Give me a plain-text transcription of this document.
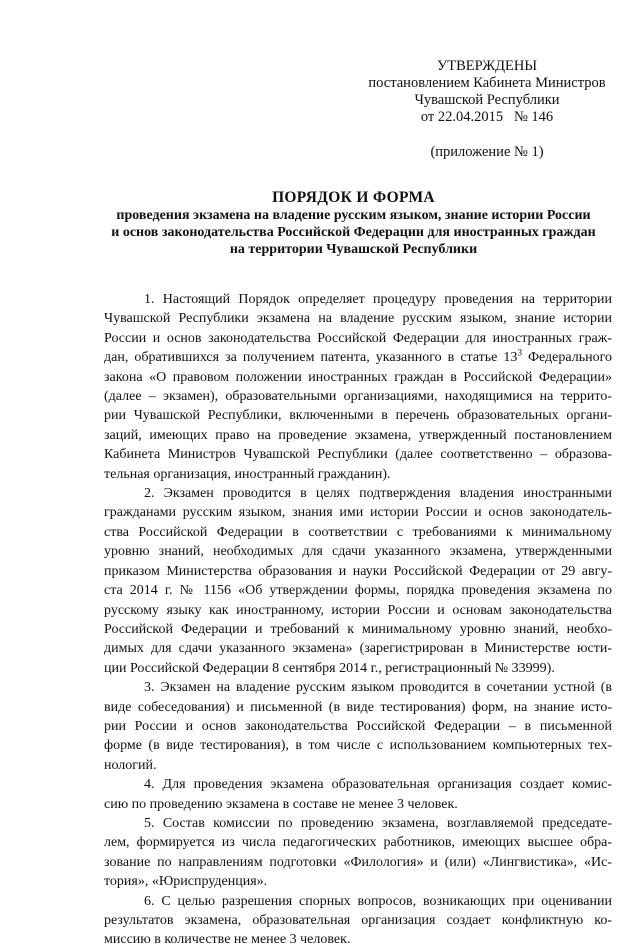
УТВЕРЖДЕНЫ
постановлением Кабинета Министров
Чувашской Республики
от 22.04.2015   № 146
(приложение № 1)
ПОРЯДОК И ФОРМА
проведения экзамена на владение русским языком, знание истории России
и основ законодательства Российской Федерации для иностранных граждан
на территории Чувашской Республики

1. Настоящий Порядок определяет процедуру проведения на территории
Чувашской Республики экзамена на владение русским языком, знание истории
России и основ законодательства Российской Федерации для иностранных граж-
дан, обратившихся за получением патента, указанного в статье $13^3$ Федерального
закона «О правовом положении иностранных граждан в Российской Федерации»
(далее – экзамен), образовательными организациями, находящимися на террито-
рии Чувашской Республики, включенными в перечень образовательных органи-
заций, имеющих право на проведение экзамена, утвержденный постановлением
Кабинета Министров Чувашской Республики (далее соответственно – образова-
тельная организация, иностранный гражданин).

2. Экзамен проводится в целях подтверждения владения иностранными
гражданами русским языком, знания ими истории России и основ законодатель-
ства Российской Федерации в соответствии с требованиями к минимальному
уровню знаний, необходимых для сдачи указанного экзамена, утвержденными
приказом Министерства образования и науки Российской Федерации от 29 авгу-
ста 2014 г. № 1156 «Об утверждении формы, порядка проведения экзамена по
русскому языку как иностранному, истории России и основам законодательства
Российской Федерации и требований к минимальному уровню знаний, необхо-
димых для сдачи указанного экзамена» (зарегистрирован в Министерстве юсти-
ции Российской Федерации 8 сентября 2014 г., регистрационный № 33999).

3. Экзамен на владение русским языком проводится в сочетании устной (в
виде собеседования) и письменной (в виде тестирования) форм, на знание исто-
рии России и основ законодательства Российской Федерации – в письменной
форме (в виде тестирования), в том числе с использованием компьютерных тех-
нологий.

4. Для проведения экзамена образовательная организация создает комис-
сию по проведению экзамена в составе не менее 3 человек.

5. Состав комиссии по проведению экзамена, возглавляемой председате-
лем, формируется из числа педагогических работников, имеющих высшее обра-
зование по направлениям подготовки «Филология» и (или) «Лингвистика», «Ис-
тория», «Юриспруденция».

6. С целью разрешения спорных вопросов, возникающих при оценивании
результатов экзамена, образовательная организация создает конфликтную ко-
миссию в количестве не менее 3 человек.
